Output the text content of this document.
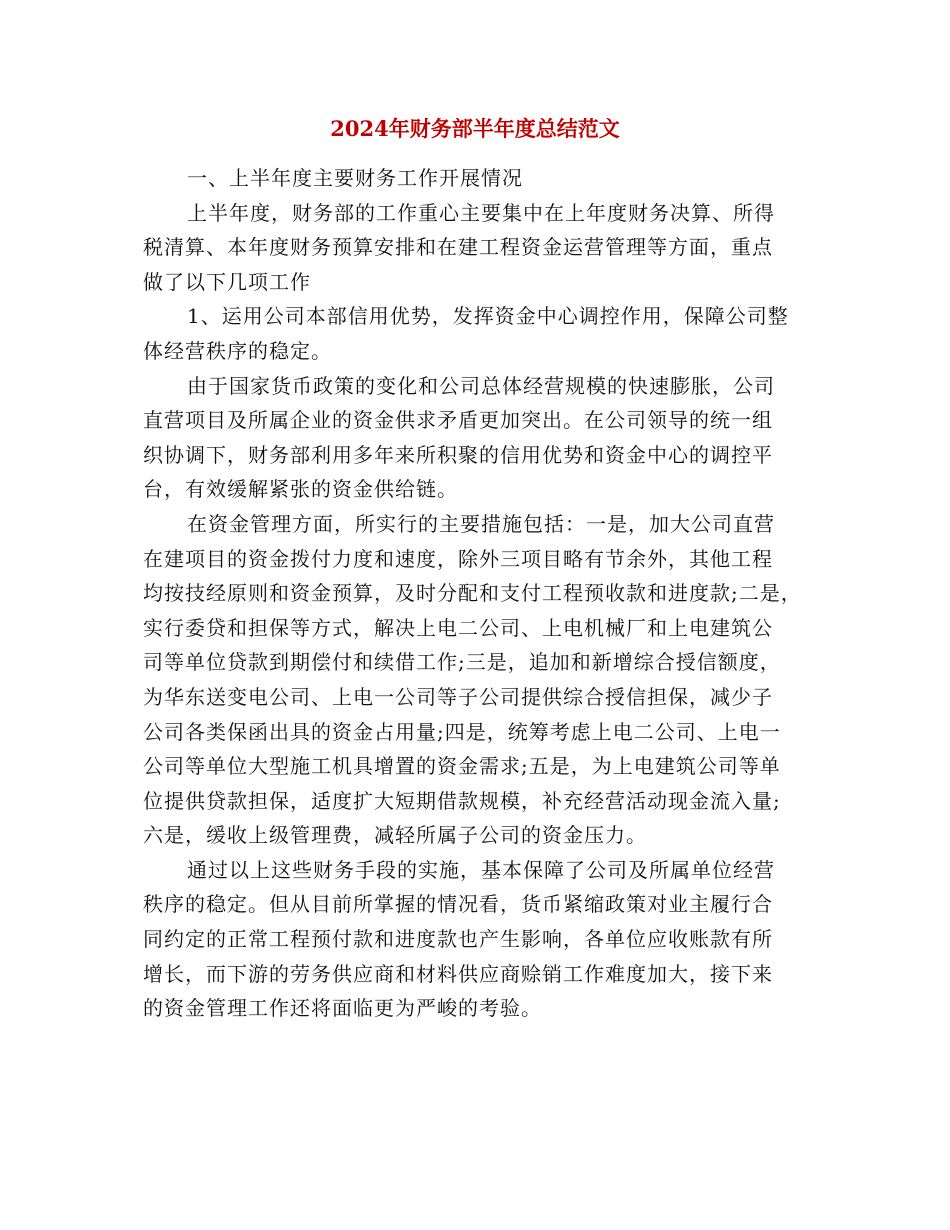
2024年财务部半年度总结范文
一、上半年度主要财务工作开展情况
上半年度，财务部的工作重心主要集中在上年度财务决算、所得
税清算、本年度财务预算安排和在建工程资金运营管理等方面，重点
做了以下几项工作
1、运用公司本部信用优势，发挥资金中心调控作用，保障公司整
体经营秩序的稳定。
由于国家货币政策的变化和公司总体经营规模的快速膨胀，公司
直营项目及所属企业的资金供求矛盾更加突出。在公司领导的统一组
织协调下，财务部利用多年来所积聚的信用优势和资金中心的调控平
台，有效缓解紧张的资金供给链。
在资金管理方面，所实行的主要措施包括：一是，加大公司直营
在建项目的资金拨付力度和速度，除外三项目略有节余外，其他工程
均按技经原则和资金预算，及时分配和支付工程预收款和进度款;二是，
实行委贷和担保等方式，解决上电二公司、上电机械厂和上电建筑公
司等单位贷款到期偿付和续借工作;三是，追加和新增综合授信额度，
为华东送变电公司、上电一公司等子公司提供综合授信担保，减少子
公司各类保函出具的资金占用量;四是，统筹考虑上电二公司、上电一
公司等单位大型施工机具增置的资金需求;五是，为上电建筑公司等单
位提供贷款担保，适度扩大短期借款规模，补充经营活动现金流入量;
六是，缓收上级管理费，减轻所属子公司的资金压力。
通过以上这些财务手段的实施，基本保障了公司及所属单位经营
秩序的稳定。但从目前所掌握的情况看，货币紧缩政策对业主履行合
同约定的正常工程预付款和进度款也产生影响，各单位应收账款有所
增长，而下游的劳务供应商和材料供应商赊销工作难度加大，接下来
的资金管理工作还将面临更为严峻的考验。
